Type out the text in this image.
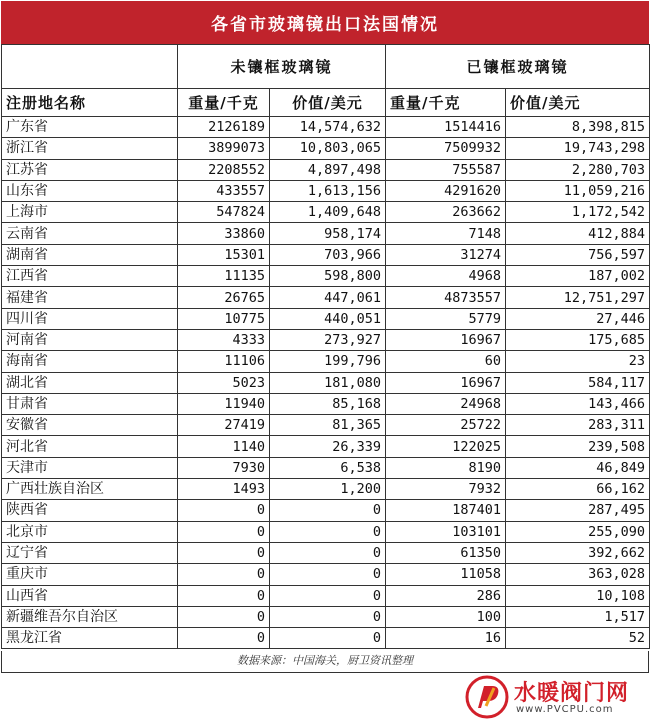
各省市玻璃镜出口法国情况
	未镶框玻璃镜		已镶框玻璃镜	
注册地名称	重量/千克	价值/美元	重量/千克	价值/美元
广东省	2126189	14,574,632	1514416	8,398,815
浙江省	3899073	10,803,065	7509932	19,743,298
江苏省	2208552	4,897,498	755587	2,280,703
山东省	433557	1,613,156	4291620	11,059,216
上海市	547824	1,409,648	263662	1,172,542
云南省	33860	958,174	7148	412,884
湖南省	15301	703,966	31274	756,597
江西省	11135	598,800	4968	187,002
福建省	26765	447,061	4873557	12,751,297
四川省	10775	440,051	5779	27,446
河南省	4333	273,927	16967	175,685
海南省	11106	199,796	60	23
湖北省	5023	181,080	16967	584,117
甘肃省	11940	85,168	24968	143,466
安徽省	27419	81,365	25722	283,311
河北省	1140	26,339	122025	239,508
天津市	7930	6,538	8190	46,849
广西壮族自治区	1493	1,200	7932	66,162
陕西省	0	0	187401	287,495
北京市	0	0	103101	255,090
辽宁省	0	0	61350	392,662
重庆市	0	0	11058	363,028
山西省	0	0	286	10,108
新疆维吾尔自治区	0	0	100	1,517
黑龙江省	0	0	16	52
数据来源：中国海关，厨卫资讯整理
水暖阀门网
www.PVCPU.com
